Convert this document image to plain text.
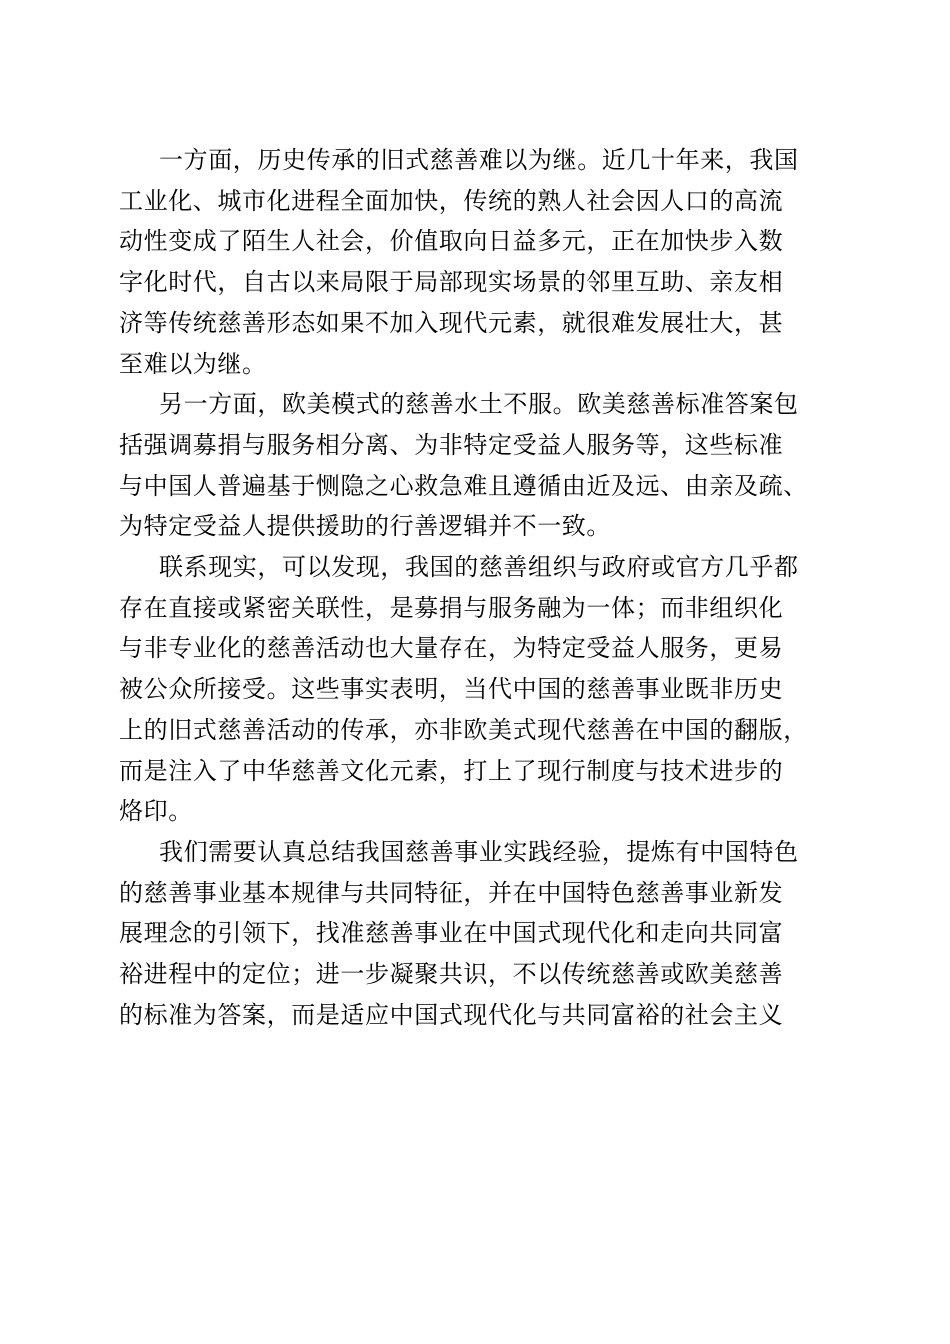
一方面，历史传承的旧式慈善难以为继。近几十年来，我国
工业化、城市化进程全面加快，传统的熟人社会因人口的高流
动性变成了陌生人社会，价值取向日益多元，正在加快步入数
字化时代，自古以来局限于局部现实场景的邻里互助、亲友相
济等传统慈善形态如果不加入现代元素，就很难发展壮大，甚
至难以为继。
另一方面，欧美模式的慈善水土不服。欧美慈善标准答案包
括强调募捐与服务相分离、为非特定受益人服务等，这些标准
与中国人普遍基于恻隐之心救急难且遵循由近及远、由亲及疏、
为特定受益人提供援助的行善逻辑并不一致。
联系现实，可以发现，我国的慈善组织与政府或官方几乎都
存在直接或紧密关联性，是募捐与服务融为一体；而非组织化
与非专业化的慈善活动也大量存在，为特定受益人服务，更易
被公众所接受。这些事实表明，当代中国的慈善事业既非历史
上的旧式慈善活动的传承，亦非欧美式现代慈善在中国的翻版，
而是注入了中华慈善文化元素，打上了现行制度与技术进步的
烙印。
我们需要认真总结我国慈善事业实践经验，提炼有中国特色
的慈善事业基本规律与共同特征，并在中国特色慈善事业新发
展理念的引领下，找准慈善事业在中国式现代化和走向共同富
裕进程中的定位；进一步凝聚共识，不以传统慈善或欧美慈善
的标准为答案，而是适应中国式现代化与共同富裕的社会主义
